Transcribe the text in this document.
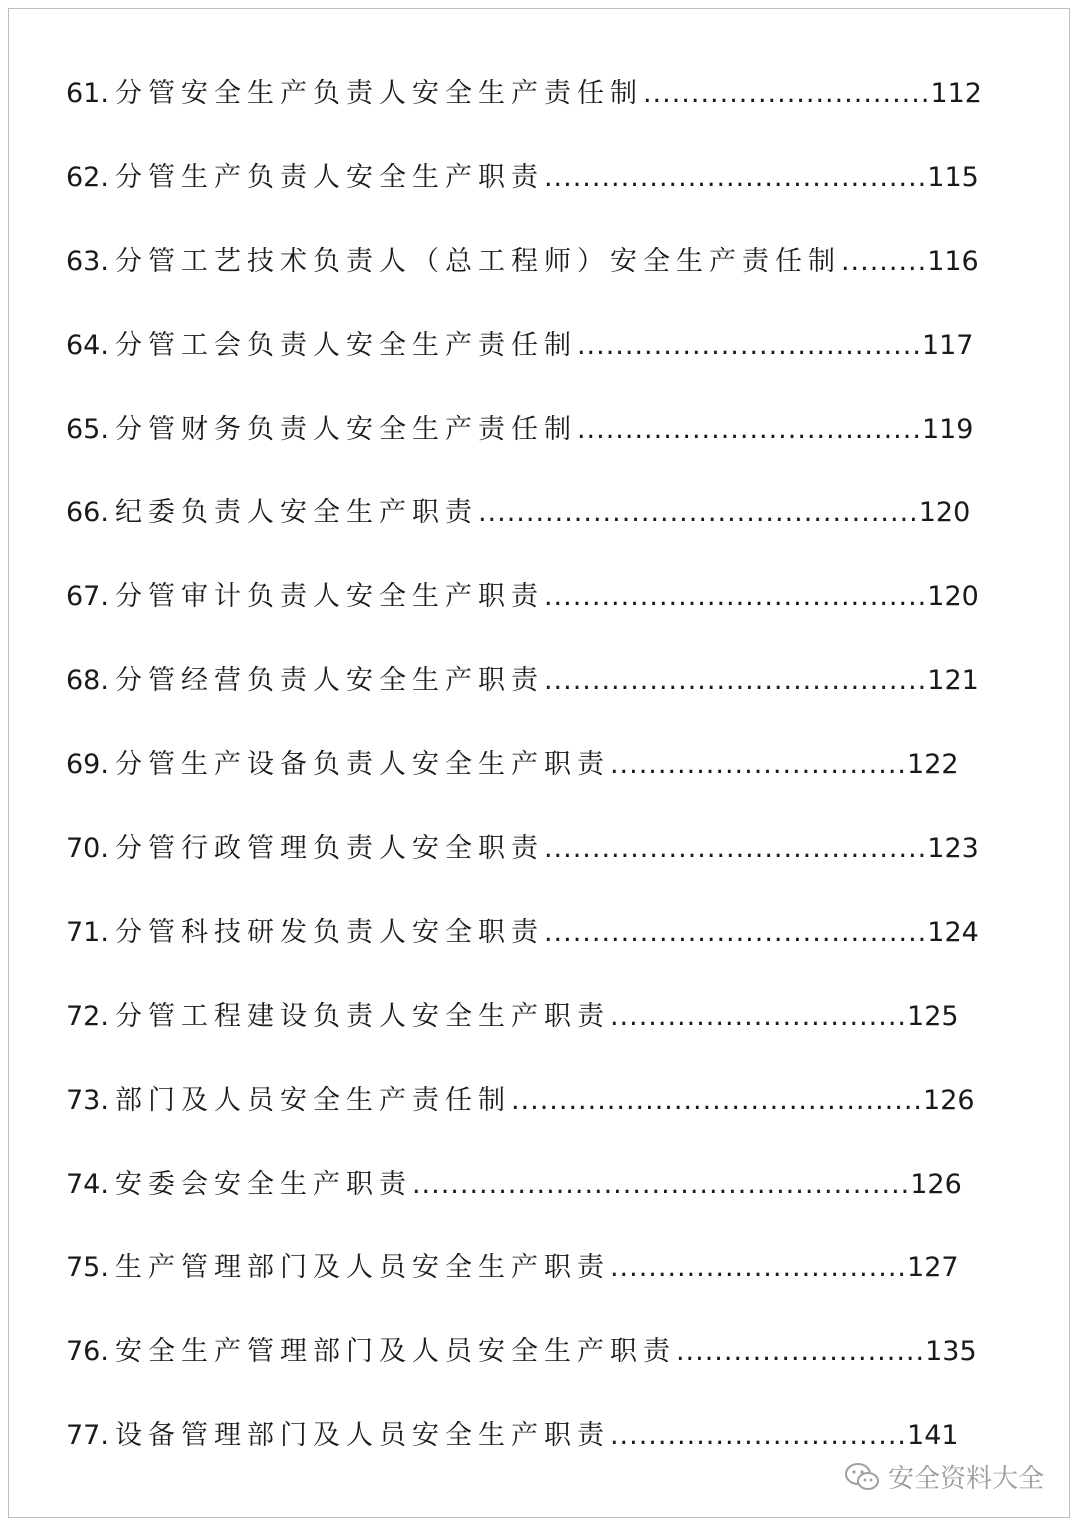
61. 分管安全生产负责人安全生产责任制 .............................. 112
62. 分管生产负责人安全生产职责 ........................................ 115
63. 分管工艺技术负责人（总工程师）安全生产责任制 ......... 116
64. 分管工会负责人安全生产责任制 .................................... 117
65. 分管财务负责人安全生产责任制 .................................... 119
66. 纪委负责人安全生产职责 .............................................. 120
67. 分管审计负责人安全生产职责 ........................................ 120
68. 分管经营负责人安全生产职责 ........................................ 121
69. 分管生产设备负责人安全生产职责 ............................... 122
70. 分管行政管理负责人安全职责 ........................................ 123
71. 分管科技研发负责人安全职责 ........................................ 124
72. 分管工程建设负责人安全生产职责 ............................... 125
73. 部门及人员安全生产责任制 ........................................... 126
74. 安委会安全生产职责 .................................................... 126
75. 生产管理部门及人员安全生产职责 ............................... 127
76. 安全生产管理部门及人员安全生产职责 .......................... 135
77. 设备管理部门及人员安全生产职责 ............................... 141
安全资料大全
